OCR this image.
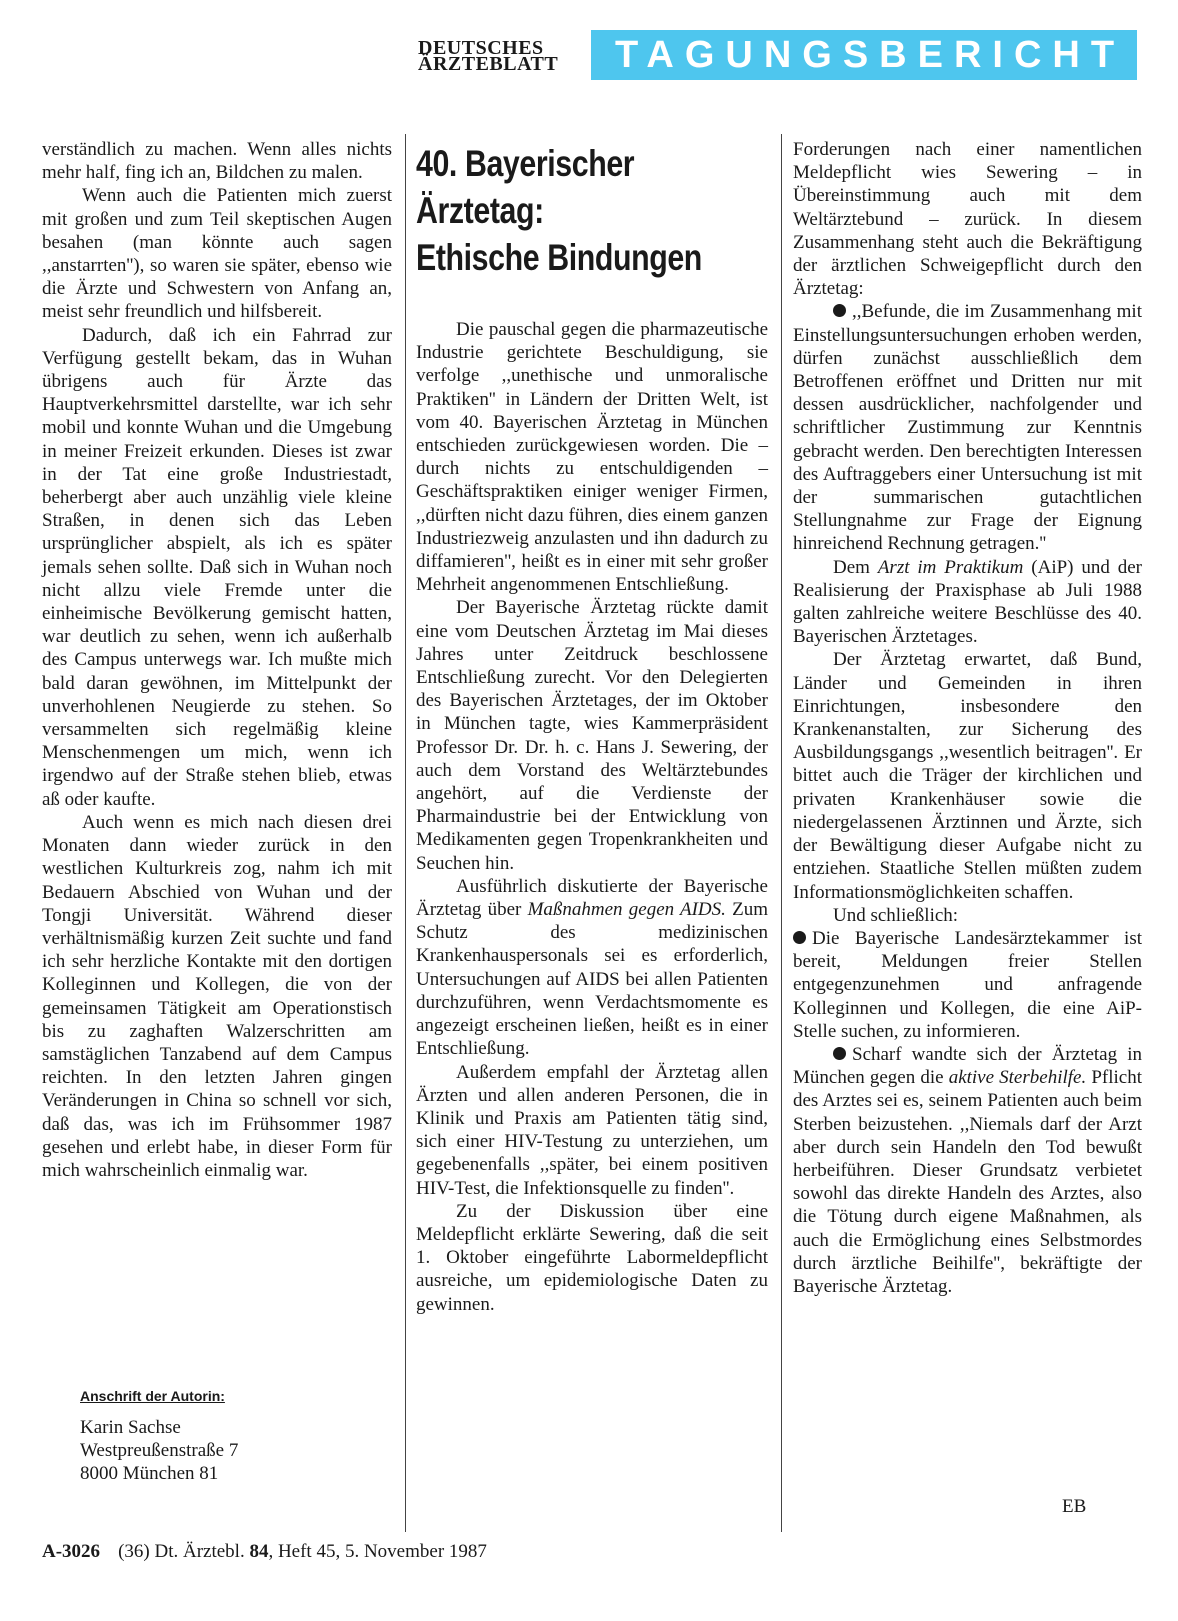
DEUTSCHES
ÄRZTEBLATT	TAGUNGSBERICHT

verständlich zu machen. Wenn alles nichts mehr half, fing ich an, Bildchen zu malen.

Wenn auch die Patienten mich zuerst mit großen und zum Teil skeptischen Augen besahen (man könnte auch sagen ,,anstarrten''), so waren sie später, ebenso wie die Ärzte und Schwestern von Anfang an, meist sehr freundlich und hilfsbereit.

Dadurch, daß ich ein Fahrrad zur Verfügung gestellt bekam, das in Wuhan übrigens auch für Ärzte das Hauptverkehrsmittel darstellte, war ich sehr mobil und konnte Wuhan und die Umgebung in meiner Freizeit erkunden. Dieses ist zwar in der Tat eine große Industriestadt, beherbergt aber auch unzählig viele kleine Straßen, in denen sich das Leben ursprünglicher abspielt, als ich es später jemals sehen sollte. Daß sich in Wuhan noch nicht allzu viele Fremde unter die einheimische Bevölkerung gemischt hatten, war deutlich zu sehen, wenn ich außerhalb des Campus unterwegs war. Ich mußte mich bald daran gewöhnen, im Mittelpunkt der unverhohlenen Neugierde zu stehen. So versammelten sich regelmäßig kleine Menschenmengen um mich, wenn ich irgendwo auf der Straße stehen blieb, etwas aß oder kaufte.

Auch wenn es mich nach diesen drei Monaten dann wieder zurück in den westlichen Kulturkreis zog, nahm ich mit Bedauern Abschied von Wuhan und der Tongji Universität. Während dieser verhältnismäßig kurzen Zeit suchte und fand ich sehr herzliche Kontakte mit den dortigen Kolleginnen und Kollegen, die von der gemeinsamen Tätigkeit am Operationstisch bis zu zaghaften Walzerschritten am samstäglichen Tanzabend auf dem Campus reichten. In den letzten Jahren gingen Veränderungen in China so schnell vor sich, daß das, was ich im Frühsommer 1987 gesehen und erlebt habe, in dieser Form für mich wahrscheinlich einmalig war.

Anschrift der Autorin:
Karin Sachse
Westpreußenstraße 7
8000 München 81
40. Bayerischer
Ärztetag:
Ethische Bindungen

Die pauschal gegen die pharmazeutische Industrie gerichtete Beschuldigung, sie verfolge ,,unethische und unmoralische Praktiken'' in Ländern der Dritten Welt, ist vom 40. Bayerischen Ärztetag in München entschieden zurückgewiesen worden. Die – durch nichts zu entschuldigenden – Geschäftspraktiken einiger weniger Firmen, ,,dürften nicht dazu führen, dies einem ganzen Industriezweig anzulasten und ihn dadurch zu diffamieren'', heißt es in einer mit sehr großer Mehrheit angenommenen Entschließung.

Der Bayerische Ärztetag rückte damit eine vom Deutschen Ärztetag im Mai dieses Jahres unter Zeitdruck beschlossene Entschließung zurecht. Vor den Delegierten des Bayerischen Ärztetages, der im Oktober in München tagte, wies Kammerpräsident Professor Dr. Dr. h. c. Hans J. Sewering, der auch dem Vorstand des Weltärztebundes angehört, auf die Verdienste der Pharmaindustrie bei der Entwicklung von Medikamenten gegen Tropenkrankheiten und Seuchen hin.

Ausführlich diskutierte der Bayerische Ärztetag über Maßnahmen gegen AIDS. Zum Schutz des medizinischen Krankenhauspersonals sei es erforderlich, Untersuchungen auf AIDS bei allen Patienten durchzuführen, wenn Verdachtsmomente es angezeigt erscheinen ließen, heißt es in einer Entschließung.

Außerdem empfahl der Ärztetag allen Ärzten und allen anderen Personen, die in Klinik und Praxis am Patienten tätig sind, sich einer HIV-Testung zu unterziehen, um gegebenenfalls ,,später, bei einem positiven HIV-Test, die Infektionsquelle zu finden''.

Zu der Diskussion über eine Meldepflicht erklärte Sewering, daß die seit 1. Oktober eingeführte Labormeldepflicht ausreiche, um epidemiologische Daten zu gewinnen.

Forderungen nach einer namentlichen Meldepflicht wies Sewering – in Übereinstimmung auch mit dem Weltärztebund – zurück. In diesem Zusammenhang steht auch die Bekräftigung der ärztlichen Schweigepflicht durch den Ärztetag:

,,Befunde, die im Zusammenhang mit Einstellungsuntersuchungen erhoben werden, dürfen zunächst ausschließlich dem Betroffenen eröffnet und Dritten nur mit dessen ausdrücklicher, nachfolgender und schriftlicher Zustimmung zur Kenntnis gebracht werden. Den berechtigten Interessen des Auftraggebers einer Untersuchung ist mit der summarischen gutachtlichen Stellungnahme zur Frage der Eignung hinreichend Rechnung getragen.''

Dem Arzt im Praktikum (AiP) und der Realisierung der Praxisphase ab Juli 1988 galten zahlreiche weitere Beschlüsse des 40. Bayerischen Ärztetages.

Der Ärztetag erwartet, daß Bund, Länder und Gemeinden in ihren Einrichtungen, insbesondere den Krankenanstalten, zur Sicherung des Ausbildungsgangs ,,wesentlich beitragen''. Er bittet auch die Träger der kirchlichen und privaten Krankenhäuser sowie die niedergelassenen Ärztinnen und Ärzte, sich der Bewältigung dieser Aufgabe nicht zu entziehen. Staatliche Stellen müßten zudem Informationsmöglichkeiten schaffen.

Und schließlich:

Die Bayerische Landesärztekammer ist bereit, Meldungen freier Stellen entgegenzunehmen und anfragende Kolleginnen und Kollegen, die eine AiP-Stelle suchen, zu informieren.

Scharf wandte sich der Ärztetag in München gegen die aktive Sterbehilfe. Pflicht des Arztes sei es, seinem Patienten auch beim Sterben beizustehen. ,,Niemals darf der Arzt aber durch sein Handeln den Tod bewußt herbeiführen. Dieser Grundsatz verbietet sowohl das direkte Handeln des Arztes, also die Tötung durch eigene Maßnahmen, als auch die Ermöglichung eines Selbstmordes durch ärztliche Beihilfe'', bekräftigte der Bayerische Ärztetag.

EB
A-3026 (36) Dt. Ärztebl. 84, Heft 45, 5. November 1987
